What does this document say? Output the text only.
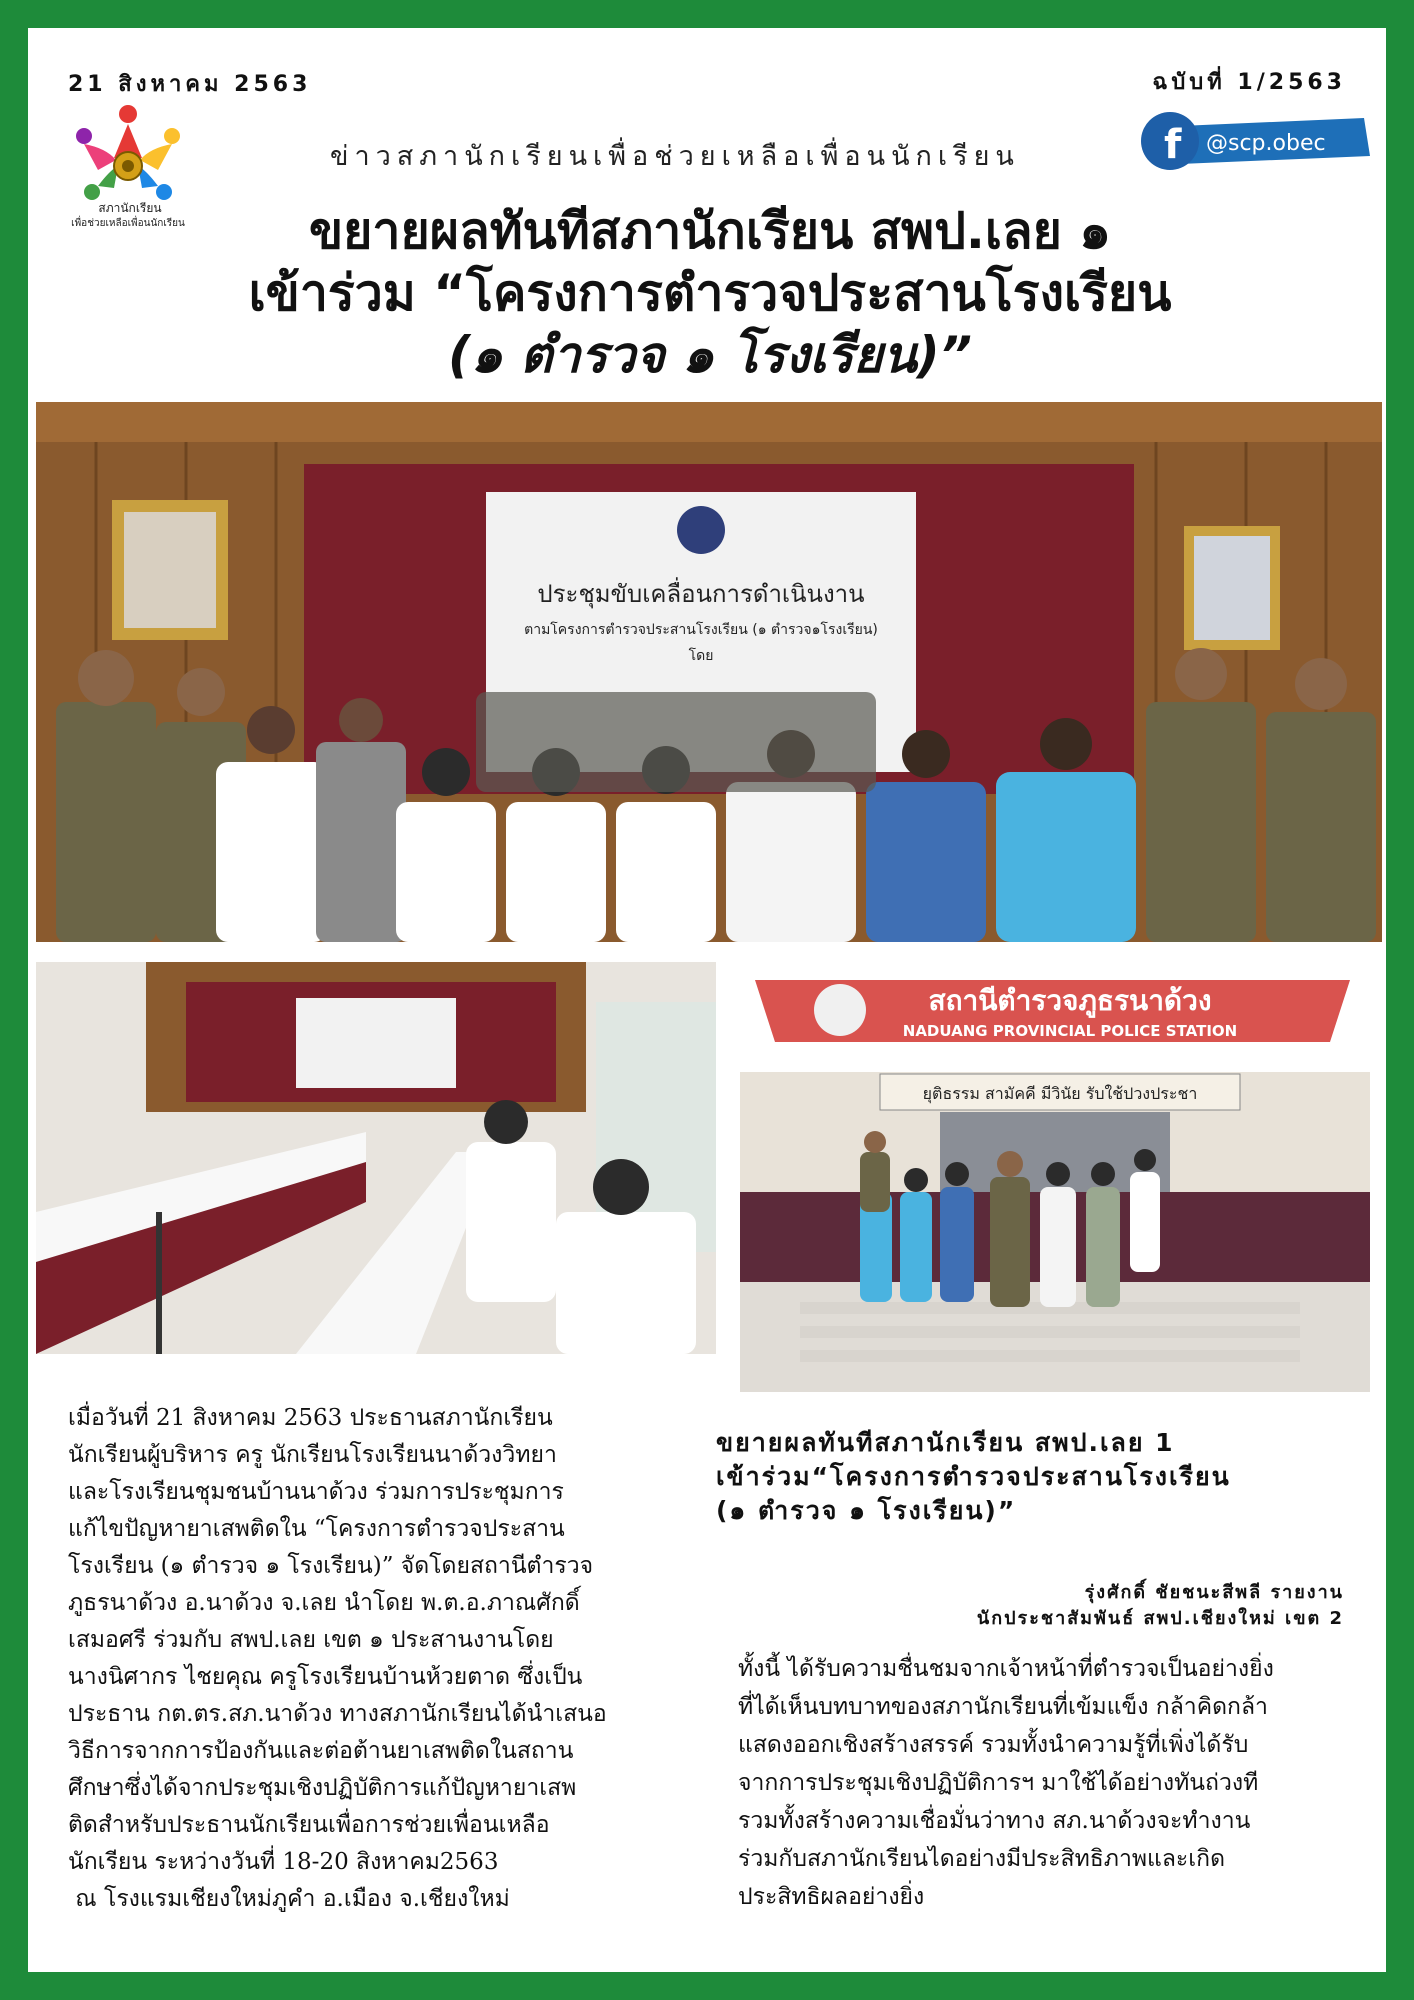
21 สิงหาคม 2563	ฉบับที่ 1/2563
สภานักเรียน
เพื่อช่วยเหลือเพื่อนนักเรียน
ข่าวสภานักเรียนเพื่อช่วยเหลือเพื่อนนักเรียน	f @scp.obec
ขยายผลทันทีสภานักเรียน สพป.เลย ๑
เข้าร่วม “โครงการตำรวจประสานโรงเรียน
(๑ ตำรวจ ๑ โรงเรียน)”
ประชุมขับเคลื่อนการดำเนินงาน
ตามโครงการตำรวจประสานโรงเรียน (๑ ตำรวจ๑โรงเรียน)
โดย
สถานีตำรวจภูธรนาด้วง
NADUANG PROVINCIAL POLICE STATION
ยุติธรรม สามัคคี มีวินัย รับใช้ปวงประชา
เมื่อวันที่ 21 สิงหาคม 2563 ประธานสภานักเรียน
นักเรียนผู้บริหาร ครู นักเรียนโรงเรียนนาด้วงวิทยา
และโรงเรียนชุมชนบ้านนาด้วง ร่วมการประชุมการ
แก้ไขปัญหายาเสพติดใน “โครงการตำรวจประสาน
โรงเรียน (๑ ตำรวจ ๑ โรงเรียน)” จัดโดยสถานีตำรวจ
ภูธรนาด้วง อ.นาด้วง จ.เลย นำโดย พ.ต.อ.ภาณศักดิ์
เสมอศรี ร่วมกับ สพป.เลย เขต ๑ ประสานงานโดย
นางนิศากร ไชยคุณ ครูโรงเรียนบ้านห้วยตาด ซึ่งเป็น
ประธาน กต.ตร.สภ.นาด้วง ทางสภานักเรียนได้นำเสนอ
วิธีการจากการป้องกันและต่อต้านยาเสพติดในสถาน
ศึกษาซึ่งได้จากประชุมเชิงปฏิบัติการแก้ปัญหายาเสพ
ติดสำหรับประธานนักเรียนเพื่อการช่วยเพื่อนเหลือ
นักเรียน ระหว่างวันที่ 18-20 สิงหาคม2563
ณ โรงแรมเชียงใหม่ภูคำ อ.เมือง จ.เชียงใหม่
ขยายผลทันทีสภานักเรียน สพป.เลย 1
เข้าร่วม“โครงการตำรวจประสานโรงเรียน
(๑ ตำรวจ ๑ โรงเรียน)”
รุ่งศักดิ์ ชัยชนะสีพลี รายงาน
นักประชาสัมพันธ์ สพป.เชียงใหม่ เขต 2
ทั้งนี้ ได้รับความชื่นชมจากเจ้าหน้าที่ตำรวจเป็นอย่างยิ่ง
ที่ได้เห็นบทบาทของสภานักเรียนที่เข้มแข็ง กล้าคิดกล้า
แสดงออกเชิงสร้างสรรค์ รวมทั้งนำความรู้ที่เพิ่งได้รับ
จากการประชุมเชิงปฏิบัติการฯ มาใช้ได้อย่างทันถ่วงที
รวมทั้งสร้างความเชื่อมั่นว่าทาง สภ.นาด้วงจะทำงาน
ร่วมกับสภานักเรียนไดอย่างมีประสิทธิภาพและเกิด
ประสิทธิผลอย่างยิ่ง
